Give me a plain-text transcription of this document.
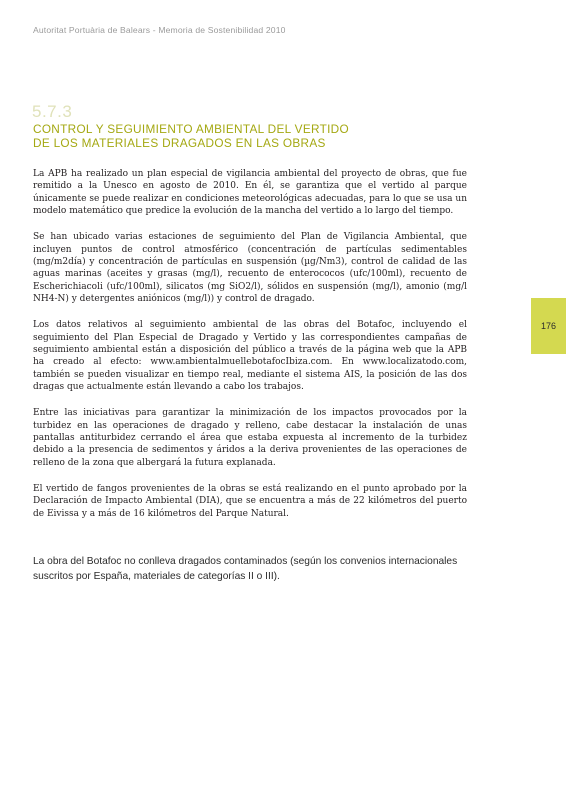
Autoritat Portuària de Balears - Memoria de Sostenibilidad 2010
5.7.3
CONTROL Y SEGUIMIENTO AMBIENTAL DEL VERTIDO
DE LOS MATERIALES DRAGADOS EN LAS OBRAS

La APB ha realizado un plan especial de vigilancia ambiental del proyecto de obras, que fue remitido a la Unesco en agosto de 2010. En él, se garantiza que el vertido al parque únicamente se puede realizar en condiciones meteorológicas adecuadas, para lo que se usa un modelo matemático que predice la evolución de la mancha del vertido a lo largo del tiempo.

Se han ubicado varias estaciones de seguimiento del Plan de Vigilancia Ambiental, que incluyen puntos de control atmosférico (concentración de partículas sedimentables (mg/m2día) y concentración de partículas en suspensión (µg/Nm3), control de calidad de las aguas marinas (aceites y grasas (mg/l), recuento de enterococos (ufc/100ml), recuento de Escherichiacoli (ufc/100ml), silicatos (mg SiO2/l), sólidos en suspensión (mg/l), amonio (mg/l NH4-N) y detergentes aniónicos (mg/l)) y control de dragado.

Los datos relativos al seguimiento ambiental de las obras del Botafoc, incluyendo el seguimiento del Plan Especial de Dragado y Vertido y las correspondientes campañas de seguimiento ambiental están a disposición del público a través de la página web que la APB ha creado al efecto: www.ambientalmuellebotafocIbiza.com. En www.localizatodo.com, también se pueden visualizar en tiempo real, mediante el sistema AIS, la posición de las dos dragas que actualmente están llevando a cabo los trabajos.

Entre las iniciativas para garantizar la minimización de los impactos provocados por la turbidez en las operaciones de dragado y relleno, cabe destacar la instalación de unas pantallas antiturbidez cerrando el área que estaba expuesta al incremento de la turbidez debido a la presencia de sedimentos y áridos a la deriva provenientes de las operaciones de relleno de la zona que albergará la futura explanada.

El vertido de fangos provenientes de la obras se está realizando en el punto aprobado por la Declaración de Impacto Ambiental (DIA), que se encuentra a más de 22 kilómetros del puerto de Eivissa y a más de 16 kilómetros del Parque Natural.

La obra del Botafoc no conlleva dragados contaminados (según los convenios internacionales suscritos por España, materiales de categorías II o III).
176
